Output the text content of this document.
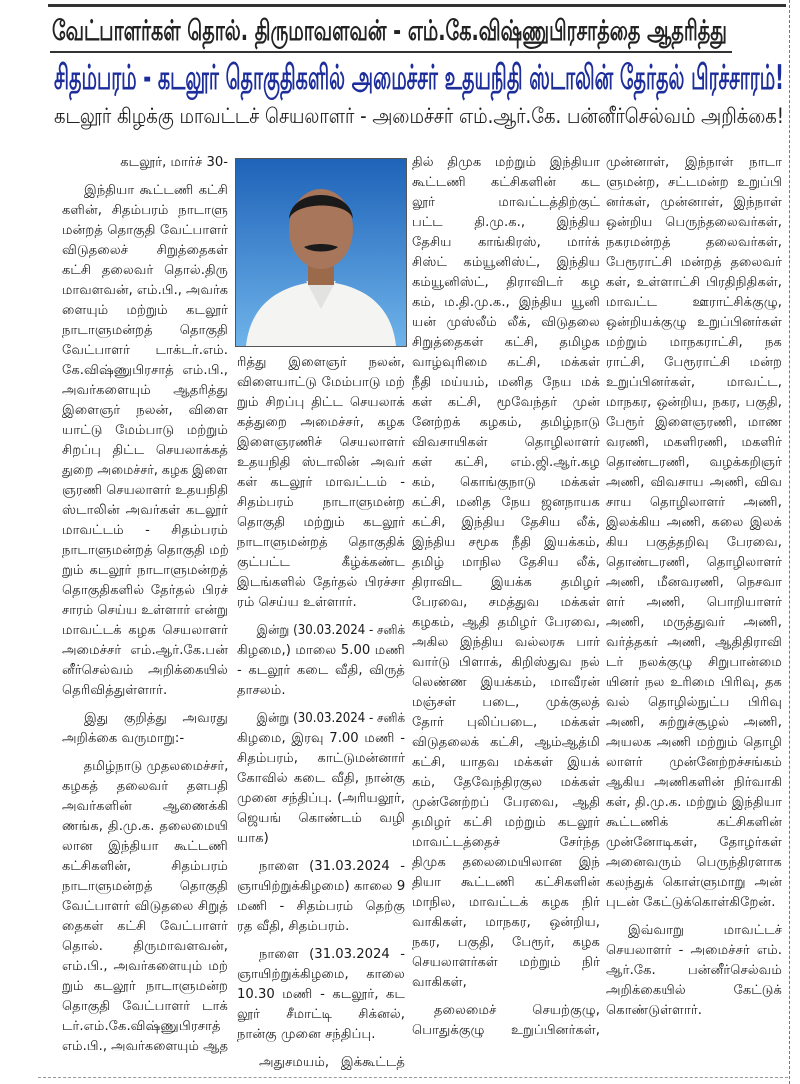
வேட்பாளர்கள் தொல். திருமாவளவன் - எம்.கே.விஷ்ணுபிரசாத்தை ஆதரித்து
சிதம்பரம் - கடலூர் தொகுதிகளில் அமைச்சர் உதயநிதி ஸ்டாலின் தேர்தல் பிரச்சாரம்!
கடலூர் கிழக்கு மாவட்டச் செயலாளர் - அமைச்சர் எம்.ஆர்.கே. பன்னீர்செல்வம் அறிக்கை!
கடலூர், மார்ச் 30-
இந்தியா கூட்டணி கட்சி
களின், சிதம்பரம் நாடாளு
மன்றத் தொகுதி வேட்பாளர்
விடுதலைச் சிறுத்தைகள்
கட்சி தலைவர் தொல்.திரு
மாவளவன், எம்.பி., அவர்க
ளையும் மற்றும் கடலூர்
நாடாளுமன்றத் தொகுதி
வேட்பாளர் டாக்டர்.எம்.
கே.விஷ்ணுபிரசாத் எம்.பி.,
அவர்களையும் ஆதரித்து
இளைஞர் நலன், விளை
யாட்டு மேம்பாடு மற்றும்
சிறப்பு திட்ட செயலாக்கத்
துறை அமைச்சர், கழக இளை
ஞரணி செயலாளர் உதயநிதி
ஸ்டாலின் அவர்கள் கடலூர்
மாவட்டம் - சிதம்பரம்
நாடாளுமன்றத் தொகுதி மற்
றும் கடலூர் நாடாளுமன்றத்
தொகுதிகளில் தேர்தல் பிரச்
சாரம் செய்ய உள்ளார் என்று
மாவட்டக் கழக செயலாளர்
அமைச்சர் எம்.ஆர்.கே.பன்
னீர்செல்வம் அறிக்கையில்
தெரிவித்துள்ளார்.
இது குறித்து அவரது
அறிக்கை வருமாறு:-
தமிழ்நாடு முதலமைச்சர்,
கழகத் தலைவர் தளபதி
அவர்களின் ஆணைக்கி
ணங்க, தி.மு.க. தலைமையி
லான இந்தியா கூட்டணி
கட்சிகளின், சிதம்பரம்
நாடாளுமன்றத் தொகுதி
வேட்பாளர் விடுதலை சிறுத்
தைகள் கட்சி வேட்பாளர்
தொல். திருமாவளவன்,
எம்.பி., அவர்களையும் மற்
றும் கடலூர் நாடாளுமன்ற
தொகுதி வேட்பாளர் டாக்
டர்.எம்.கே.விஷ்ணுபிரசாத்
எம்.பி., அவர்களையும் ஆத
ரித்து இளைஞர் நலன்,
விளையாட்டு மேம்பாடு மற்
றும் சிறப்பு திட்ட செயலாக்
கத்துறை அமைச்சர், கழக
இளைஞரணிச் செயலாளர்
உதயநிதி ஸ்டாலின் அவர்
கள் கடலூர் மாவட்டம் -
சிதம்பரம் நாடாளுமன்ற
தொகுதி மற்றும் கடலூர்
நாடாளுமன்றத் தொகுதிக்
குட்பட்ட கீழ்க்கண்ட
இடங்களில் தேர்தல் பிரச்சா
ரம் செய்ய உள்ளார்.
இன்று (30.03.2024 - சனிக்
கிழமை,) மாலை 5.00 மணி
- கடலூர் கடை வீதி, விருத்
தாசலம்.
இன்று (30.03.2024 - சனிக்
கிழமை, இரவு 7.00 மணி -
சிதம்பரம், காட்டுமன்னார்
கோவில் கடை வீதி, நான்கு
முனை சந்திப்பு. (அரியலூர்,
ஜெயங் கொண்டம் வழி
யாக)
நாளை (31.03.2024 -
ஞாயிற்றுக்கிழமை) காலை 9
மணி - சிதம்பரம் தெற்கு
ரத வீதி, சிதம்பரம்.
நாளை (31.03.2024 -
ஞாயிற்றுக்கிழமை, காலை
10.30 மணி - கடலூர், கட
லூர் சீமாட்டி சிக்னல்,
நான்கு முனை சந்திப்பு.
அதுசமயம், இக்கூட்டத்
தில் திமுக மற்றும் இந்தியா
கூட்டணி கட்சிகளின் கட
லூர் மாவட்டத்திற்குட்
பட்ட தி.மு.க., இந்திய
தேசிய காங்கிரஸ், மார்க்
சிஸ்ட் கம்யூனிஸ்ட், இந்திய
கம்யூனிஸ்ட், திராவிடர் கழ
கம், ம.தி.மு.க., இந்திய யூனி
யன் முஸ்லீம் லீக், விடுதலை
சிறுத்தைகள் கட்சி, தமிழக
வாழ்வுரிமை கட்சி, மக்கள்
நீதி மய்யம், மனித நேய மக்
கள் கட்சி, மூவேந்தர் முன்
னேற்றக் கழகம், தமிழ்நாடு
விவசாயிகள் தொழிலாளர்
கள் கட்சி, எம்.ஜி.ஆர்.கழ
கம், கொங்குநாடு மக்கள்
கட்சி, மனித நேய ஜனநாயக
கட்சி, இந்திய தேசிய லீக்,
இந்திய சமூக நீதி இயக்கம்,
தமிழ் மாநில தேசிய லீக்,
திராவிட இயக்க தமிழர்
பேரவை, சமத்துவ மக்கள்
கழகம், ஆதி தமிழர் பேரவை,
அகில இந்திய வல்லரசு பார்
வார்டு பிளாக், கிறிஸ்துவ நல்
லெண்ண இயக்கம், மாவீரன்
மஞ்சள் படை, முக்குலத்
தோர் புலிப்படை, மக்கள்
விடுதலைக் கட்சி, ஆம்ஆத்மி
கட்சி, யாதவ மக்கள் இயக்
கம், தேவேந்திரகுல மக்கள்
முன்னேற்றப் பேரவை, ஆதி
தமிழர் கட்சி மற்றும் கடலூர்
மாவட்டத்தைச் சேர்ந்த
திமுக தலைமையிலான இந்
தியா கூட்டணி கட்சிகளின்
மாநில, மாவட்டக் கழக நிர்
வாகிகள், மாநகர, ஒன்றிய,
நகர, பகுதி, பேரூர், கழக
செயலாளர்கள் மற்றும் நிர்
வாகிகள்,
தலைமைச் செயற்குழு,
பொதுக்குழு உறுப்பினர்கள்,
முன்னாள், இந்நாள் நாடா
ளுமன்ற, சட்டமன்ற உறுப்பி
னர்கள், முன்னாள், இந்நாள்
ஒன்றிய பெருந்தலைவர்கள்,
நகரமன்றத் தலைவர்கள்,
பேரூராட்சி மன்றத் தலைவர்
கள், உள்ளாட்சி பிரதிநிதிகள்,
மாவட்ட ஊராட்சிக்குழு,
ஒன்றியக்குழு உறுப்பினர்கள்
மற்றும் மாநகராட்சி, நக
ராட்சி, பேரூராட்சி மன்ற
உறுப்பினர்கள், மாவட்ட,
மாநகர, ஒன்றிய, நகர, பகுதி,
பேரூர் இளைஞரணி, மாண
வரணி, மகளிரணி, மகளிர்
தொண்டரணி, வழக்கறிஞர்
அணி, விவசாய அணி, விவ
சாய தொழிலாளர் அணி,
இலக்கிய அணி, கலை இலக்
கிய பகுத்தறிவு பேரவை,
தொண்டரணி, தொழிலாளர்
அணி, மீனவரணி, நெசவா
ளர் அணி, பொறியாளர்
அணி, மருத்துவர் அணி,
வர்த்தகர் அணி, ஆதிதிராவி
டர் நலக்குழு சிறுபான்மை
யினர் நல உரிமை பிரிவு, தக
வல் தொழில்நுட்ப பிரிவு
அணி, சுற்றுச்சூழல் அணி,
அயலக அணி மற்றும் தொழி
லாளர் முன்னேற்றச்சங்கம்
ஆகிய அணிகளின் நிர்வாகி
கள், தி.மு.க. மற்றும் இந்தியா
கூட்டணிக் கட்சிகளின்
முன்னோடிகள், தோழர்கள்
அனைவரும் பெருந்திரளாக
கலந்துக் கொள்ளுமாறு அன்
புடன் கேட்டுக்கொள்கிறேன்.
இவ்வாறு மாவட்டச்
செயலாளர் - அமைச்சர் எம்.
ஆர்.கே. பன்னீர்செல்வம்
அறிக்கையில் கேட்டுக்
கொண்டுள்ளார்.
